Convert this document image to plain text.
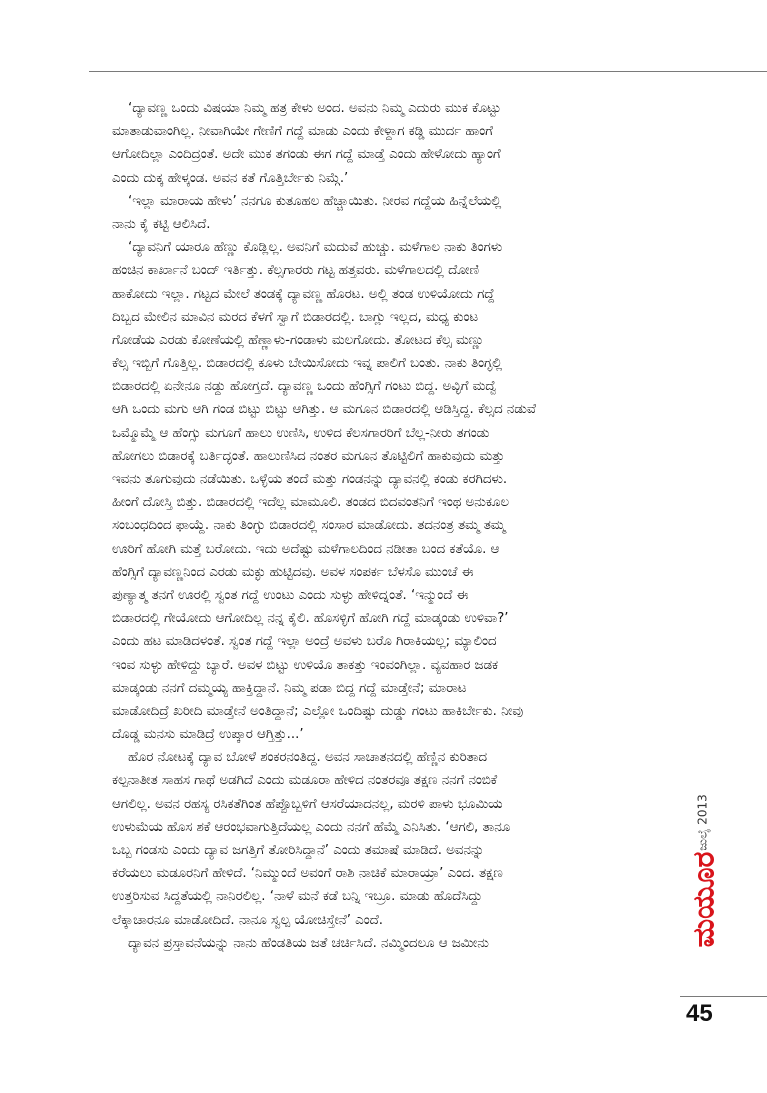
‘ದ್ಯಾವಣ್ಣ ಒಂದು ವಿಷಯಾ ನಿಮ್ಮ ಹತ್ರ ಕೇಳು ಅಂದ. ಅವನು ನಿಮ್ಮ ಎದುರು ಮುಕ ಕೊಟ್ಟು
ಮಾತಾಡುವಾಂಗಿಲ್ಲ. ನೀವಾಗಿಯೇ ಗೇಣಿಗೆ ಗದ್ದೆ ಮಾಡು ಎಂದು ಕೇಳ್ದಾಗ ಕಡ್ಡಿ ಮುರ್ದ ಹಾಂಗೆ
ಆಗೋದಿಲ್ಲಾ ಎಂದಿದ್ರಂತೆ. ಅದೇ ಮುಕ ತಗಂಡು ಈಗ ಗದ್ದೆ ಮಾಡ್ತೆ ಎಂದು ಹೇಳೋದು ಹ್ಯಾಂಗೆ
ಎಂದು ದುಕ್ಕ ಹೇಳ್ಕಂಡ. ಅವನ ಕತೆ ಗೊತ್ತಿರ್ಬೇಕು ನಿಮ್ಗೆ.’
‘ಇಲ್ಲಾ ಮಾರಾಯ ಹೇಳು’ ನನಗೂ ಕುತೂಹಲ ಹೆಚ್ಚಾಯಿತು. ನೀರವ ಗದ್ದೆಯ ಹಿನ್ನೆಲೆಯಲ್ಲಿ
ನಾನು ಕೈ ಕಟ್ಟಿ ಆಲಿಸಿದೆ.
‘ದ್ಯಾವನಿಗೆ ಯಾರೂ ಹೆಣ್ಣು ಕೊಡ್ಲಿಲ್ಲ. ಅವನಿಗೆ ಮದುವೆ ಹುಚ್ಚು. ಮಳೆಗಾಲ ನಾಕು ತಿಂಗಳು
ಹಂಚಿನ ಕಾರ್ಖಾನೆ ಬಂದ್ ಇರ್ತಿತ್ತು. ಕೆಲ್ಸಗಾರರು ಗಟ್ಟ ಹತ್ತವರು. ಮಳೆಗಾಲದಲ್ಲಿ ದೋಣಿ
ಹಾಕೋದು ಇಲ್ಲಾ. ಗಟ್ಟದ ಮೇಲೆ ತಂಡಕ್ಕೆ ದ್ಯಾವಣ್ಣ ಹೊರಟ. ಅಲ್ಲಿ ತಂಡ ಉಳಿಯೋದು ಗದ್ದೆ
ದಿಬ್ಬದ ಮೇಲಿನ ಮಾವಿನ ಮರದ ಕೆಳಗೆ ಸ್ವಾಗೆ ಬಿಡಾರದಲ್ಲಿ. ಬಾಗ್ಲು ಇಲ್ಲದ, ಮಧ್ಯ ಕುಂಟ
ಗೋಡೆಯ ಎರಡು ಕೋಣೆಯಲ್ಲಿ ಹೆಣ್ಣಾಳು-ಗಂಡಾಳು ಮಲಗೋದು. ತೋಟದ ಕೆಲ್ಸ ಮಣ್ಣು
ಕೆಲ್ಸ ಇಬ್ಬಿಗೆ ಗೊತ್ತಿಲ್ಲ. ಬಿಡಾರದಲ್ಲಿ ಕೂಳು ಬೇಯಿಸೋದು ಇವ್ನ ಪಾಲಿಗೆ ಬಂತು. ನಾಕು ತಿಂಗ್ಳಲ್ಲಿ
ಬಿಡಾರದಲ್ಲಿ ಏನೇನೂ ನಡ್ದು ಹೋಗ್ತದೆ. ದ್ಯಾವಣ್ಣ ಒಂದು ಹೆಂಗ್ಸಿಗೆ ಗಂಟು ಬಿದ್ದ. ಅವ್ಳಿಗೆ ಮದ್ವೆ
ಆಗಿ ಒಂದು ಮಗು ಆಗಿ ಗಂಡ ಬಿಟ್ಟು ಬಿಟ್ಟು ಆಗಿತ್ತು. ಆ ಮಗೂನ ಬಿಡಾರದಲ್ಲಿ ಆಡಿಸ್ತಿದ್ದ. ಕೆಲ್ಸದ ನಡುವೆ
ಒಮ್ಮೊಮ್ಮೆ ಆ ಹೆಂಗ್ಸು ಮಗೂಗೆ ಹಾಲು ಉಣಿಸಿ, ಉಳಿದ ಕೆಲಸಗಾರರಿಗೆ ಬೆಲ್ಲ-ನೀರು ತಗಂಡು
ಹೋಗಲು ಬಿಡಾರಕ್ಕೆ ಬರ್ತಿದ್ಳಂತೆ. ಹಾಲುಣಿಸಿದ ನಂತರ ಮಗೂನ ತೊಟ್ಟಿಲಿಗೆ ಹಾಕುವುದು ಮತ್ತು
ಇವನು ತೂಗುವುದು ನಡೆಯಿತು. ಒಳ್ಳೆಯ ತಂದೆ ಮತ್ತು ಗಂಡನನ್ನು ದ್ಯಾವನಲ್ಲಿ ಕಂಡು ಕರಗಿದಳು.
ಹೀಂಗೆ ದೋಸ್ತಿ ಬಿತ್ತು. ಬಿಡಾರದಲ್ಲಿ ಇದೆಲ್ಲ ಮಾಮೂಲಿ. ತಂಡದ ಬಿದವಂತನಿಗೆ ಇಂಥ ಅನುಕೂಲ
ಸಂಬಂಧದಿಂದ ಫಾಯ್ದೆ. ನಾಕು ತಿಂಗ್ಳು ಬಿಡಾರದಲ್ಲಿ ಸಂಸಾರ ಮಾಡೋದು. ತದನಂತ್ರ ತಮ್ಮ ತಮ್ಮ
ಊರಿಗೆ ಹೋಗಿ ಮತ್ತೆ ಬರೋದು. ಇದು ಅದೆಷ್ಟು ಮಳೆಗಾಲದಿಂದ ನಡೀತಾ ಬಂದ ಕತೆಯೊ. ಆ
ಹೆಂಗ್ಸಿಗೆ ದ್ಯಾವಣ್ಣನಿಂದ ಎರಡು ಮಕ್ಳು ಹುಟ್ಟಿದವು. ಅವಳ ಸಂಪರ್ಕ ಬೆಳಸೊ ಮುಂಚೆ ಈ
ಪುಣ್ಯಾತ್ಮ ತನಗೆ ಊರಲ್ಲಿ ಸ್ವಂತ ಗದ್ದೆ ಉಂಟು ಎಂದು ಸುಳ್ಳು ಹೇಳಿದ್ನಂತೆ. ‘ಇನ್ಮುಂದೆ ಈ
ಬಿಡಾರದಲ್ಲಿ ಗೇಯೋದು ಆಗೋದಿಲ್ಲ ನನ್ನ ಕೈಲಿ. ಹೊಸಳ್ಳಿಗೆ ಹೋಗಿ ಗದ್ದೆ ಮಾಡ್ಕಂಡು ಉಳಿವಾ?’
ಎಂದು ಹಟ ಮಾಡಿದಳಂತೆ. ಸ್ವಂತ ಗದ್ದೆ ಇಲ್ಲಾ ಅಂದ್ರೆ ಅವಳು ಬರೊ ಗಿರಾಕಿಯಲ್ಲ; ಮ್ಯಾಲಿಂದ
ಇಂವ ಸುಳ್ಳು ಹೇಳಿದ್ದು ಬ್ಯಾರೆ. ಅವಳ ಬಿಟ್ಟು ಉಳಿಯೊ ತಾಕತ್ತು ಇಂವಂಗಿಲ್ಲಾ. ವ್ಯವಹಾರ ಜಡಕ
ಮಾಡ್ಕಂಡು ನನಗೆ ದಮ್ಮಯ್ಯ ಹಾಕ್ತಿದ್ದಾನೆ. ನಿಮ್ಮ ಪಡಾ ಬಿದ್ದ ಗದ್ದೆ ಮಾಡ್ತೇನೆ; ಮಾರಾಟ
ಮಾಡೋದಿದ್ರೆ ಖರೀದಿ ಮಾಡ್ತೇನೆ ಅಂತಿದ್ದಾನೆ; ಎಲ್ಲೋ ಒಂದಿಷ್ಟು ದುಡ್ಡು ಗಂಟು ಹಾಕಿರ್ಬೇಕು. ನೀವು
ದೊಡ್ಡ ಮನಸು ಮಾಡಿದ್ರೆ ಉಪ್ಕಾರ ಆಗ್ತಿತ್ತು...’
ಹೊರ ನೋಟಕ್ಕೆ ದ್ಯಾವ ಬೋಳೆ ಶಂಕರನಂತಿದ್ದ. ಅವನ ಸಾಚಾತನದಲ್ಲಿ ಹೆಣ್ಣಿನ ಕುರಿತಾದ
ಕಲ್ಪನಾತೀತ ಸಾಹಸ ಗಾಥೆ ಅಡಗಿದೆ ಎಂದು ಮಡೂರಾ ಹೇಳಿದ ನಂತರವೂ ತಕ್ಷಣ ನನಗೆ ನಂಬಿಕೆ
ಆಗಲಿಲ್ಲ. ಅವನ ರಹಸ್ಯ ರಸಿಕತೆಗಿಂತ ಹೆಪ್ಪೊಬ್ಬಳಿಗೆ ಆಸರೆಯಾದನಲ್ಲ, ಮರಳಿ ಪಾಳು ಭೂಮಿಯ
ಉಳುಮೆಯ ಹೊಸ ಶಕೆ ಆರಂಭವಾಗುತ್ತಿದೆಯಲ್ಲ ಎಂದು ನನಗೆ ಹೆಮ್ಮೆ ಎನಿಸಿತು. ‘ಆಗಲಿ, ತಾನೂ
ಒಬ್ಬ ಗಂಡಸು ಎಂದು ದ್ಯಾವ ಜಗತ್ತಿಗೆ ತೋರಿಸಿದ್ದಾನೆ’ ಎಂದು ತಮಾಷೆ ಮಾಡಿದೆ. ಅವನನ್ನು
ಕರೆಯಲು ಮಡೂರನಿಗೆ ಹೇಳಿದೆ. ‘ನಿಮ್ಮುಂದೆ ಅವಂಗೆ ರಾಶಿ ನಾಚಿಕೆ ಮಾರಾಯ್ರಾ’ ಎಂದ. ತಕ್ಷಣ
ಉತ್ತರಿಸುವ ಸಿದ್ದತೆಯಲ್ಲಿ ನಾನಿರಲಿಲ್ಲ. ‘ನಾಳೆ ಮನೆ ಕಡೆ ಬನ್ನಿ ಇಬ್ರೂ. ಮಾಡು ಹೊದೆಸಿದ್ದು
ಲೆಕ್ಕಾಚಾರನೂ ಮಾಡೋದಿದೆ. ನಾನೂ ಸ್ವಲ್ಪ ಯೋಚಿಸ್ತೇನೆ’ ಎಂದೆ.
ದ್ಯಾವನ ಪ್ರಸ್ತಾವನೆಯನ್ನು ನಾನು ಹೆಂಡತಿಯ ಜತೆ ಚರ್ಚಿಸಿದೆ. ನಮ್ಮಿಂದಲೂ ಆ ಜಮೀನು
ಜುಲೈ 2013
ಮಯೂರ
45
